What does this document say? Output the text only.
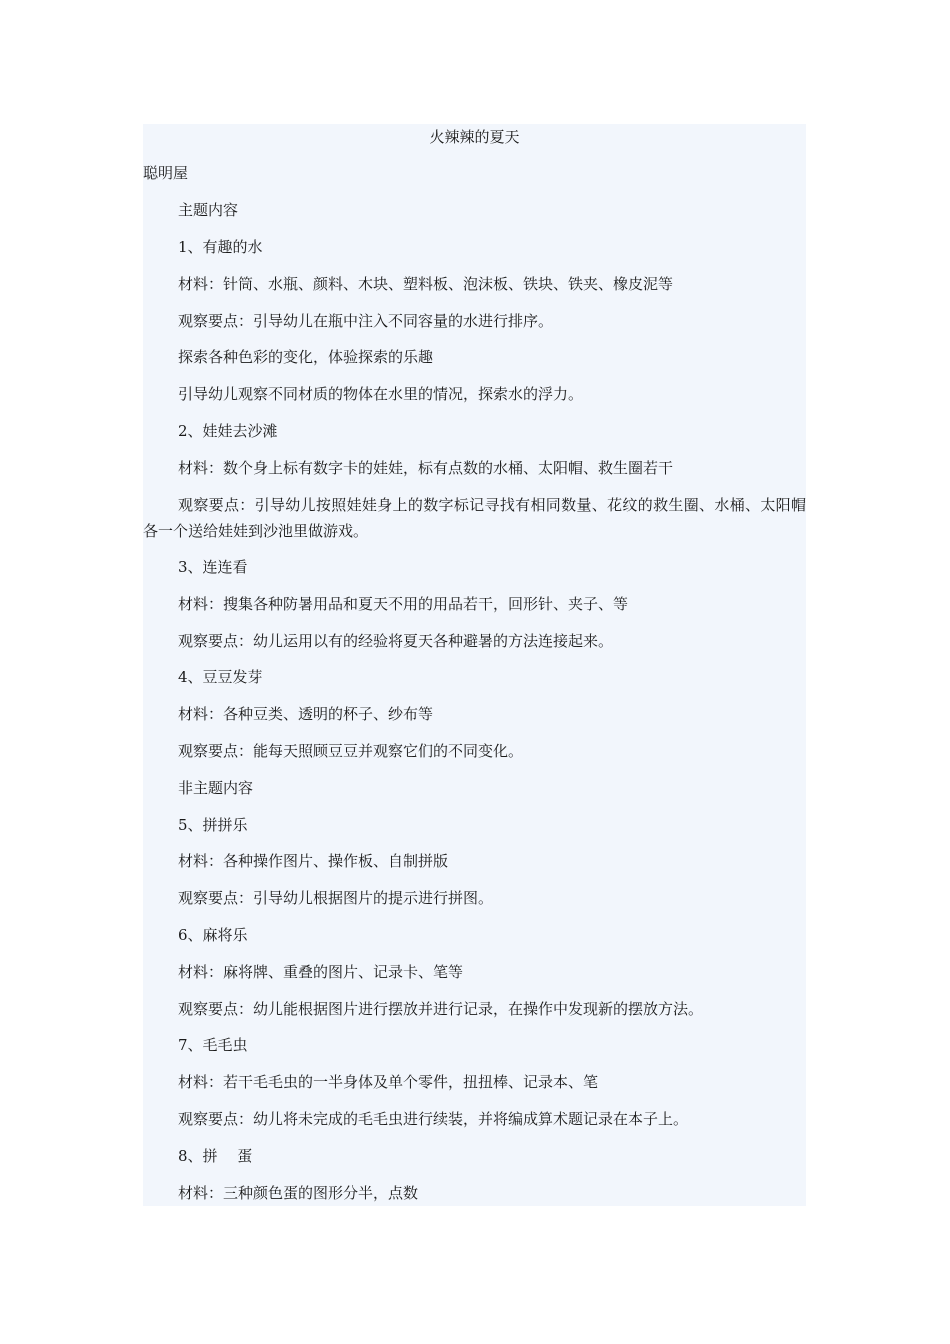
火辣辣的夏天
聪明屋
主题内容
1、有趣的水
材料：针筒、水瓶、颜料、木块、塑料板、泡沫板、铁块、铁夹、橡皮泥等
观察要点：引导幼儿在瓶中注入不同容量的水进行排序。
探索各种色彩的变化，体验探索的乐趣
引导幼儿观察不同材质的物体在水里的情况，探索水的浮力。
2、娃娃去沙滩
材料：数个身上标有数字卡的娃娃，标有点数的水桶、太阳帽、救生圈若干
观察要点：引导幼儿按照娃娃身上的数字标记寻找有相同数量、花纹的救生圈、水桶、太阳帽各一个送给娃娃到沙池里做游戏。
3、连连看
材料：搜集各种防暑用品和夏天不用的用品若干，回形针、夹子、等
观察要点：幼儿运用以有的经验将夏天各种避暑的方法连接起来。
4、豆豆发芽
材料：各种豆类、透明的杯子、纱布等
观察要点：能每天照顾豆豆并观察它们的不同变化。
非主题内容
5、拼拼乐
材料：各种操作图片、操作板、自制拼版
观察要点：引导幼儿根据图片的提示进行拼图。
6、麻将乐
材料：麻将牌、重叠的图片、记录卡、笔等
观察要点：幼儿能根据图片进行摆放并进行记录，在操作中发现新的摆放方法。
7、毛毛虫
材料：若干毛毛虫的一半身体及单个零件，扭扭棒、记录本、笔
观察要点：幼儿将未完成的毛毛虫进行续装，并将编成算术题记录在本子上。
8、拼　 蛋
材料：三种颜色蛋的图形分半，点数
